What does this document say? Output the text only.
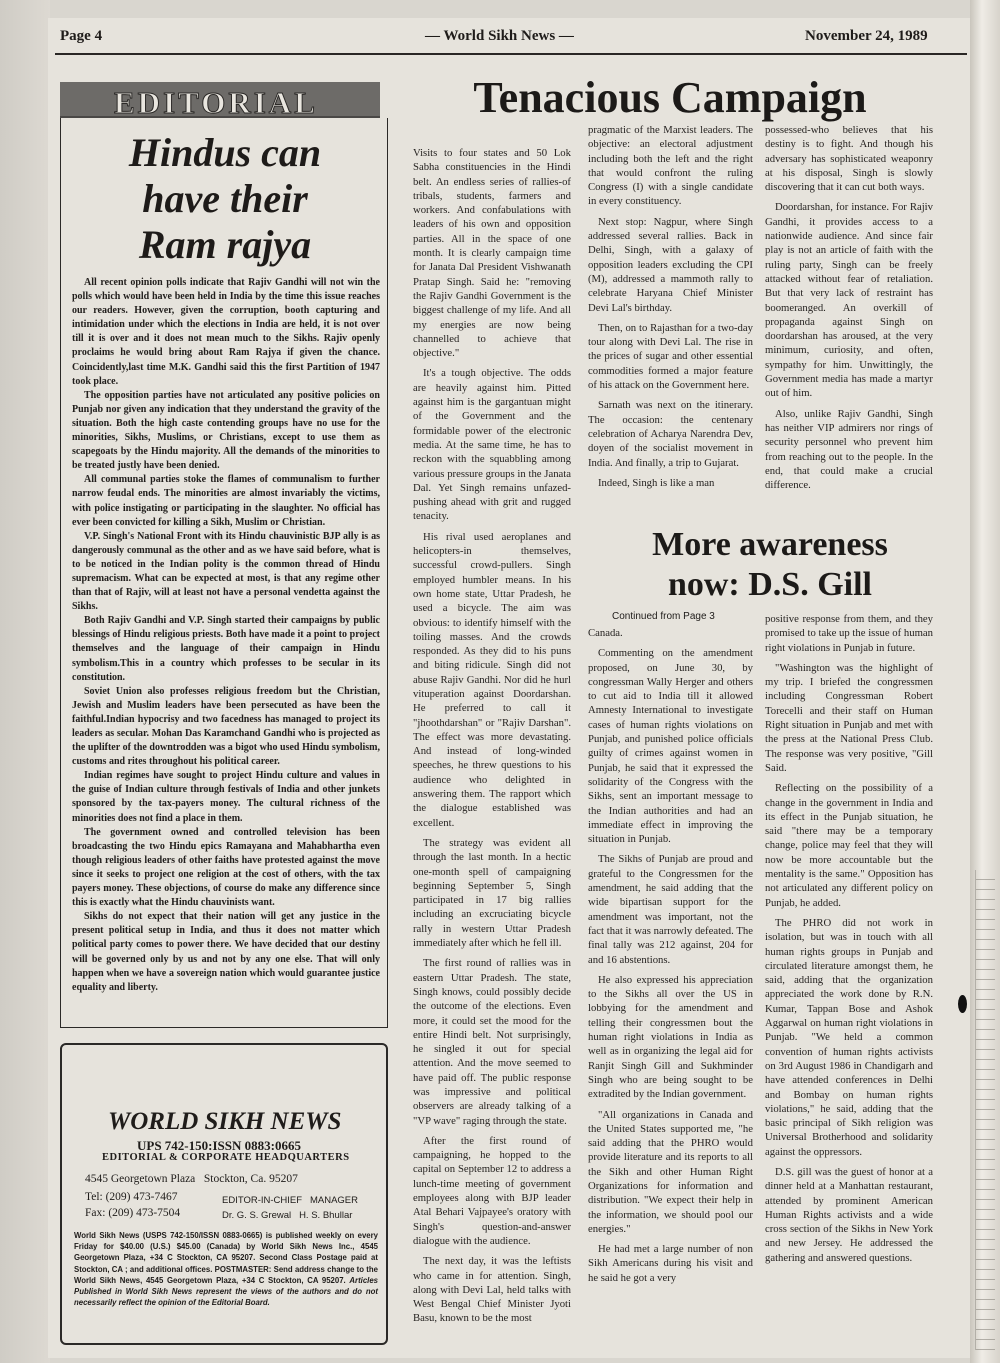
Page 4	— World Sikh News —	November 24, 1989
EDITORIAL
Hindus can
have their
Ram rajya

All recent opinion polls indicate that Rajiv Gandhi will not win the polls which would have been held in India by the time this issue reaches our readers. However, given the corruption, booth capturing and intimidation under which the elections in India are held, it is not over till it is over and it does not mean much to the Sikhs. Rajiv openly proclaims he would bring about Ram Rajya if given the chance. Coincidently,last time M.K. Gandhi said this the first Partition of 1947 took place.

The opposition parties have not articulated any positive policies on Punjab nor given any indication that they understand the gravity of the situation. Both the high caste contending groups have no use for the minorities, Sikhs, Muslims, or Christians, except to use them as scapegoats by the Hindu majority. All the demands of the minorities to be treated justly have been denied.

All communal parties stoke the flames of communalism to further narrow feudal ends. The minorities are almost invariably the victims, with police instigating or participating in the slaughter. No official has ever been convicted for killing a Sikh, Muslim or Christian.

V.P. Singh's National Front with its Hindu chauvinistic BJP ally is as dangerously communal as the other and as we have said before, what is to be noticed in the Indian polity is the common thread of Hindu supremacism. What can be expected at most, is that any regime other than that of Rajiv, will at least not have a personal vendetta against the Sikhs.

Both Rajiv Gandhi and V.P. Singh started their campaigns by public blessings of Hindu religious priests. Both have made it a point to project themselves and the language of their campaign in Hindu symbolism.This in a country which professes to be secular in its constitution.

Soviet Union also professes religious freedom but the Christian, Jewish and Muslim leaders have been persecuted as have been the faithful.Indian hypocrisy and two facedness has managed to project its leaders as secular. Mohan Das Karamchand Gandhi who is projected as the uplifter of the downtrodden was a bigot who used Hindu symbolism, customs and rites throughout his political career.

Indian regimes have sought to project Hindu culture and values in the guise of Indian culture through festivals of India and other junkets sponsored by the tax-payers money. The cultural richness of the minorities does not find a place in them.

The government owned and controlled television has been broadcasting the two Hindu epics Ramayana and Mahabhartha even though religious leaders of other faiths have protested against the move since it seeks to project one religion at the cost of others, with the tax payers money. These objections, of course do make any difference since this is exactly what the Hindu chauvinists want.

Sikhs do not expect that their nation will get any justice in the present political setup in India, and thus it does not matter which political party comes to power there. We have decided that our destiny will be governed only by us and not by any one else. That will only happen when we have a sovereign nation which would guarantee justice equality and liberty.

WORLD SIKH NEWS
UPS 742-150:ISSN 0883:0665
EDITORIAL & CORPORATE HEADQUARTERS
4545 Georgetown Plaza   Stockton, Ca. 95207
Tel: (209) 473-7467
Fax: (209) 473-7504
EDITOR-IN-CHIEF   MANAGER
Dr. G. S. Grewal   H. S. Bhullar
World Sikh News (USPS 742-150/ISSN 0883-0665) is published weekly on every Friday for $40.00 (U.S.) $45.00 (Canada) by World Sikh News Inc., 4545 Georgetown Plaza, +34 C Stockton, CA 95207. Second Class Postage paid at Stockton, CA ; and additional offices. POSTMASTER: Send address change to the World Sikh News, 4545 Georgetown Plaza, +34 C Stockton, CA 95207. Articles Published in World Sikh News represent the views of the authors and do not necessarily reflect the opinion of the Editorial Board.
Tenacious Campaign

Visits to four states and 50 Lok Sabha constituencies in the Hindi belt. An endless series of rallies-of tribals, students, farmers and workers. And confabulations with leaders of his own and opposition parties. All in the space of one month. It is clearly campaign time for Janata Dal President Vishwanath Pratap Singh. Said he: "removing the Rajiv Gandhi Government is the biggest challenge of my life. And all my energies are now being channelled to achieve that objective."

It's a tough objective. The odds are heavily against him. Pitted against him is the gargantuan might of the Government and the formidable power of the electronic media. At the same time, he has to reckon with the squabbling among various pressure groups in the Janata Dal. Yet Singh remains unfazed-pushing ahead with grit and rugged tenacity.

His rival used aeroplanes and helicopters-in themselves, successful crowd-pullers. Singh employed humbler means. In his own home state, Uttar Pradesh, he used a bicycle. The aim was obvious: to identify himself with the toiling masses. And the crowds responded. As they did to his puns and biting ridicule. Singh did not abuse Rajiv Gandhi. Nor did he hurl vituperation against Doordarshan. He preferred to call it "jhoothdarshan" or "Rajiv Darshan". The effect was more devastating. And instead of long-winded speeches, he threw questions to his audience who delighted in answering them. The rapport which the dialogue established was excellent.

The strategy was evident all through the last month. In a hectic one-month spell of campaigning beginning September 5, Singh participated in 17 big rallies including an excruciating bicycle rally in western Uttar Pradesh immediately after which he fell ill.

The first round of rallies was in eastern Uttar Pradesh. The state, Singh knows, could possibly decide the outcome of the elections. Even more, it could set the mood for the entire Hindi belt. Not surprisingly, he singled it out for special attention. And the move seemed to have paid off. The public response was impressive and political observers are already talking of a "VP wave" raging through the state.

After the first round of campaigning, he hopped to the capital on September 12 to address a lunch-time meeting of government employees along with BJP leader Atal Behari Vajpayee's oratory with Singh's question-and-answer dialogue with the audience.

The next day, it was the leftists who came in for attention. Singh, along with Devi Lal, held talks with West Bengal Chief Minister Jyoti Basu, known to be the most

pragmatic of the Marxist leaders. The objective: an electoral adjustment including both the left and the right that would confront the ruling Congress (I) with a single candidate in every constituency.

Next stop: Nagpur, where Singh addressed several rallies. Back in Delhi, Singh, with a galaxy of opposition leaders excluding the CPI (M), addressed a mammoth rally to celebrate Haryana Chief Minister Devi Lal's birthday.

Then, on to Rajasthan for a two-day tour along with Devi Lal. The rise in the prices of sugar and other essential commodities formed a major feature of his attack on the Government here.

Sarnath was next on the itinerary. The occasion: the centenary celebration of Acharya Narendra Dev, doyen of the socialist movement in India. And finally, a trip to Gujarat.

Indeed, Singh is like a man

possessed-who believes that his destiny is to fight. And though his adversary has sophisticated weaponry at his disposal, Singh is slowly discovering that it can cut both ways.

Doordarshan, for instance. For Rajiv Gandhi, it provides access to a nationwide audience. And since fair play is not an article of faith with the ruling party, Singh can be freely attacked without fear of retaliation. But that very lack of restraint has boomeranged. An overkill of propaganda against Singh on doordarshan has aroused, at the very minimum, curiosity, and often, sympathy for him. Unwittingly, the Government media has made a martyr out of him.

Also, unlike Rajiv Gandhi, Singh has neither VIP admirers nor rings of security personnel who prevent him from reaching out to the people. In the end, that could make a crucial difference.

More awareness
now: D.S. Gill
Continued from Page 3

Canada.

Commenting on the amendment proposed, on June 30, by congressman Wally Herger and others to cut aid to India till it allowed Amnesty International to investigate cases of human rights violations on Punjab, and punished police officials guilty of crimes against women in Punjab, he said that it expressed the solidarity of the Congress with the Sikhs, sent an important message to the Indian authorities and had an immediate effect in improving the situation in Punjab.

The Sikhs of Punjab are proud and grateful to the Congressmen for the amendment, he said adding that the wide bipartisan support for the amendment was important, not the fact that it was narrowly defeated. The final tally was 212 against, 204 for and 16 abstentions.

He also expressed his appreciation to the Sikhs all over the US in lobbying for the amendment and telling their congressmen bout the human right violations in India as well as in organizing the legal aid for Ranjit Singh Gill and Sukhminder Singh who are being sought to be extradited by the Indian government.

"All organizations in Canada and the United States supported me, "he said adding that the PHRO would provide literature and its reports to all the Sikh and other Human Right Organizations for information and distribution. "We expect their help in the information, we should pool our energies."

He had met a large number of non Sikh Americans during his visit and he said he got a very

positive response from them, and they promised to take up the issue of human right violations in Punjab in future.

"Washington was the highlight of my trip. I briefed the congressmen including Congressman Robert Torecelli and their staff on Human Right situation in Punjab and met with the press at the National Press Club. The response was very positive, "Gill Said.

Reflecting on the possibility of a change in the government in India and its effect in the Punjab situation, he said "there may be a temporary change, police may feel that they will now be more accountable but the mentality is the same." Opposition has not articulated any different policy on Punjab, he added.

The PHRO did not work in isolation, but was in touch with all human rights groups in Punjab and circulated literature amongst them, he said, adding that the organization appreciated the work done by R.N. Kumar, Tappan Bose and Ashok Aggarwal on human right violations in Punjab. "We held a common convention of human rights activists on 3rd August 1986 in Chandigarh and have attended conferences in Delhi and Bombay on human rights violations," he said, adding that the basic principal of Sikh religion was Universal Brotherhood and solidarity against the oppressors.

D.S. gill was the guest of honor at a dinner held at a Manhattan restaurant, attended by prominent American Human Rights activists and a wide cross section of the Sikhs in New York and new Jersey. He addressed the gathering and answered questions.
